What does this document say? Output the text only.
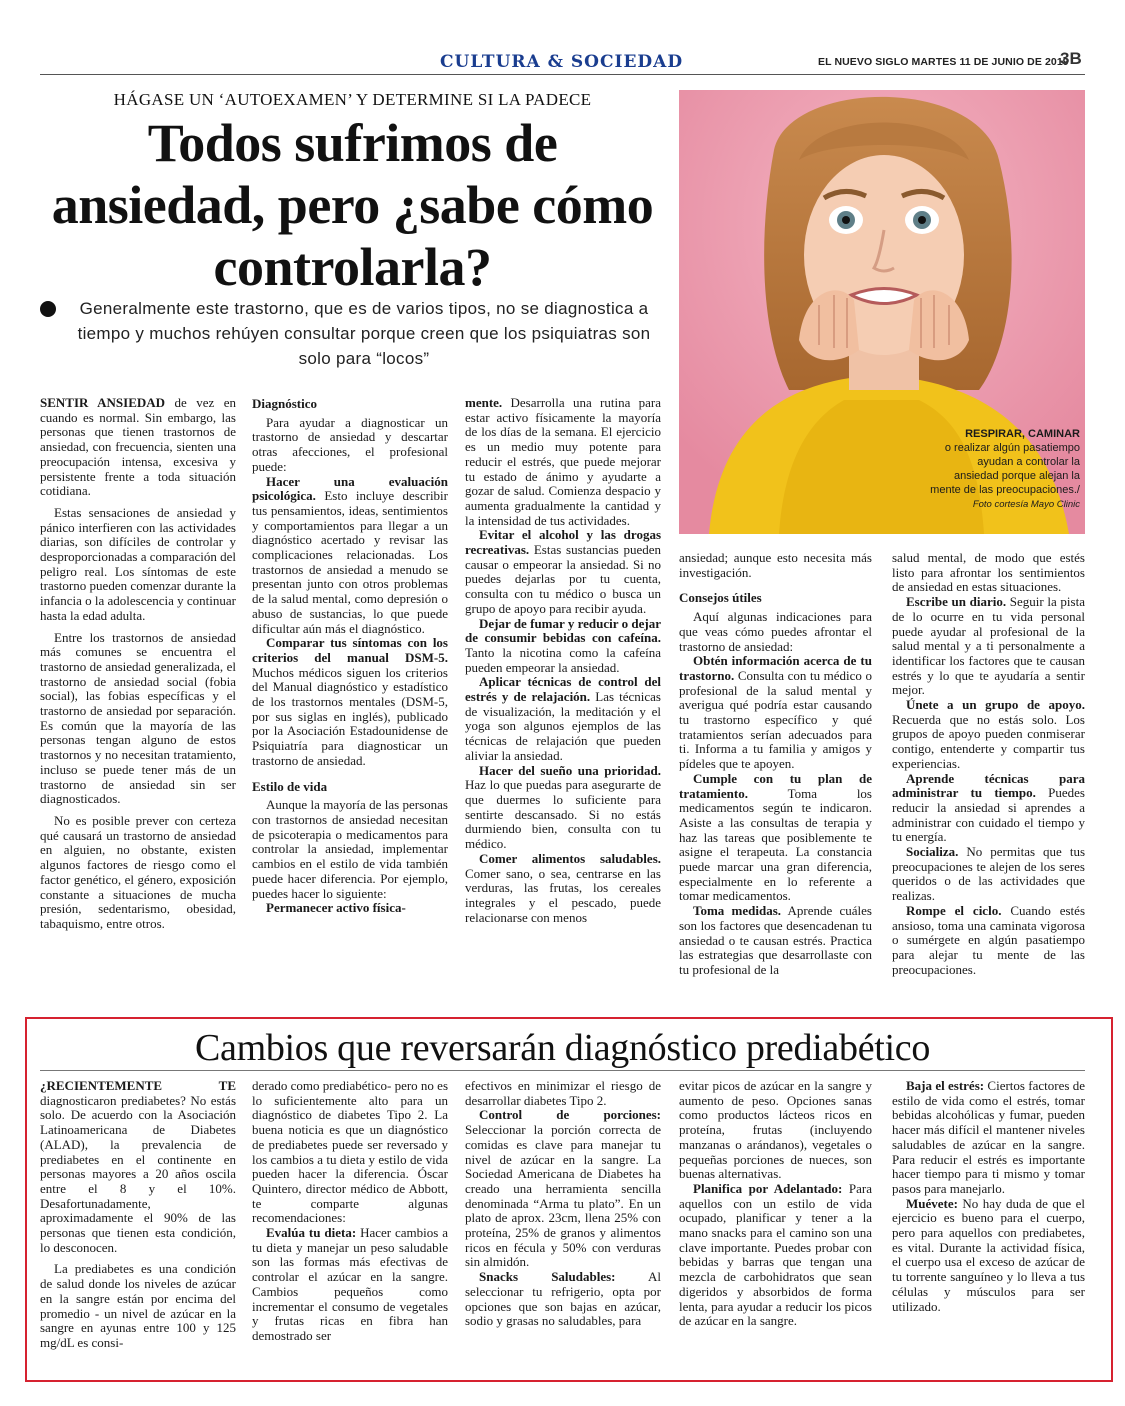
CULTURA & SOCIEDAD	EL NUEVO SIGLO MARTES 11 DE JUNIO DE 2019
3B
HÁGASE UN ‘AUTOEXAMEN’ Y DETERMINE SI LA PADECE
Todos sufrimos de ansiedad, pero ¿sabe cómo controlarla?
Generalmente este trastorno, que es de varios tipos, no se diagnostica a tiempo y muchos rehúyen consultar porque creen que los psiquiatras son solo para “locos”
RESPIRAR, CAMINAR
o realizar algún pasatiempo ayudan a controlar la ansiedad porque alejan la mente de las preocupaciones./
Foto cortesía Mayo Clinic

SENTIR ANSIEDAD de vez en cuando es normal. Sin embargo, las personas que tienen trastornos de ansiedad, con frecuencia, sienten una preocupación intensa, excesiva y persistente frente a toda situación cotidiana.

Estas sensaciones de ansiedad y pánico interfieren con las actividades diarias, son difíciles de controlar y desproporcionadas a comparación del peligro real. Los síntomas de este trastorno pueden comenzar durante la infancia o la adolescencia y continuar hasta la edad adulta.

Entre los trastornos de ansiedad más comunes se encuentra el trastorno de ansiedad generalizada, el trastorno de ansiedad social (fobia social), las fobias específicas y el trastorno de ansiedad por separación. Es común que la mayoría de las personas tengan alguno de estos trastornos y no necesitan tratamiento, incluso se puede tener más de un trastorno de ansiedad sin ser diagnosticados.

No es posible prever con certeza qué causará un trastorno de ansiedad en alguien, no obstante, existen algunos factores de riesgo como el factor genético, el género, exposición constante a situaciones de mucha presión, sedentarismo, obesidad, tabaquismo, entre otros.

Diagnóstico

Para ayudar a diagnosticar un trastorno de ansiedad y descartar otras afecciones, el profesional puede:

Hacer una evaluación psicológica. Esto incluye describir tus pensamientos, ideas, sentimientos y comportamientos para llegar a un diagnóstico acertado y revisar las complicaciones relacionadas. Los trastornos de ansiedad a menudo se presentan junto con otros problemas de la salud mental, como depresión o abuso de sustancias, lo que puede dificultar aún más el diagnóstico.

Comparar tus síntomas con los criterios del manual DSM-5. Muchos médicos siguen los criterios del Manual diagnóstico y estadístico de los trastornos mentales (DSM-5, por sus siglas en inglés), publicado por la Asociación Estadounidense de Psiquiatría para diagnosticar un trastorno de ansiedad.

Estilo de vida

Aunque la mayoría de las personas con trastornos de ansiedad necesitan de psicoterapia o medicamentos para controlar la ansiedad, implementar cambios en el estilo de vida también puede hacer diferencia. Por ejemplo, puedes hacer lo siguiente:

Permanecer activo física-

mente. Desarrolla una rutina para estar activo físicamente la mayoría de los días de la semana. El ejercicio es un medio muy potente para reducir el estrés, que puede mejorar tu estado de ánimo y ayudarte a gozar de salud. Comienza despacio y aumenta gradualmente la cantidad y la intensidad de tus actividades.

Evitar el alcohol y las drogas recreativas. Estas sustancias pueden causar o empeorar la ansiedad. Si no puedes dejarlas por tu cuenta, consulta con tu médico o busca un grupo de apoyo para recibir ayuda.

Dejar de fumar y reducir o dejar de consumir bebidas con cafeína. Tanto la nicotina como la cafeína pueden empeorar la ansiedad.

Aplicar técnicas de control del estrés y de relajación. Las técnicas de visualización, la meditación y el yoga son algunos ejemplos de las técnicas de relajación que pueden aliviar la ansiedad.

Hacer del sueño una prioridad. Haz lo que puedas para asegurarte de que duermes lo suficiente para sentirte descansado. Si no estás durmiendo bien, consulta con tu médico.

Comer alimentos saludables. Comer sano, o sea, centrarse en las verduras, las frutas, los cereales integrales y el pescado, puede relacionarse con menos

ansiedad; aunque esto necesita más investigación.

Consejos útiles

Aquí algunas indicaciones para que veas cómo puedes afrontar el trastorno de ansiedad:

Obtén información acerca de tu trastorno. Consulta con tu médico o profesional de la salud mental y averigua qué podría estar causando tu trastorno específico y qué tratamientos serían adecuados para ti. Informa a tu familia y amigos y pídeles que te apoyen.

Cumple con tu plan de tratamiento.	Toma los medicamentos según te indicaron. Asiste a las consultas de terapia y haz las tareas que posiblemente te asigne el terapeuta. La constancia puede marcar una gran diferencia, especialmente en lo referente a tomar medicamentos.

Toma medidas. Aprende cuáles son los factores que desencadenan tu ansiedad o te causan estrés. Practica las estrategias que desarrollaste con tu profesional de la

salud mental, de modo que estés listo para afrontar los sentimientos de ansiedad en estas situaciones.

Escribe un diario. Seguir la pista de lo ocurre en tu vida personal puede ayudar al profesional de la salud mental y a ti personalmente a identificar los factores que te causan estrés y lo que te ayudaría a sentir mejor.

Únete a un grupo de apoyo. Recuerda que no estás solo. Los grupos de apoyo pueden conmiserar contigo, entenderte y compartir tus experiencias.

Aprende técnicas para administrar tu tiempo. Puedes reducir la ansiedad si aprendes a administrar con cuidado el tiempo y tu energía.

Socializa. No permitas que tus preocupaciones te alejen de los seres queridos o de las actividades que realizas.

Rompe el ciclo. Cuando estés ansioso, toma una caminata vigorosa o sumérgete en algún pasatiempo para alejar tu mente de las preocupaciones.

Cambios que reversarán diagnóstico prediabético

¿RECIENTEMENTE TE diagnosticaron prediabetes? No estás solo. De acuerdo con la Asociación Latinoamericana de Diabetes (ALAD), la prevalencia de prediabetes en el continente en personas mayores a 20 años oscila entre el 8 y el 10%. Desafortunadamente, aproximadamente el 90% de las personas que tienen esta condición, lo desconocen.

La prediabetes es una condición de salud donde los niveles de azúcar en la sangre están por encima del promedio - un nivel de azúcar en la sangre en ayunas entre 100 y 125 mg/dL es consi-

derado como prediabético- pero no es lo suficientemente alto para un diagnóstico de diabetes Tipo 2. La buena noticia es que un diagnóstico de prediabetes puede ser reversado y los cambios a tu dieta y estilo de vida pueden hacer la diferencia. Óscar Quintero, director médico de Abbott, te comparte algunas recomendaciones:

Evalúa tu dieta: Hacer cambios a tu dieta y manejar un peso saludable son las formas más efectivas de controlar el azúcar en la sangre. Cambios pequeños como incrementar el consumo de vegetales y frutas ricas en fibra han demostrado ser

efectivos en minimizar el riesgo de desarrollar diabetes Tipo 2.

Control de porciones: Seleccionar la porción correcta de comidas es clave para manejar tu nivel de azúcar en la sangre. La Sociedad Americana de Diabetes ha creado una herramienta sencilla denominada “Arma tu plato”. En un plato de aprox. 23cm, llena 25% con proteína, 25% de granos y alimentos ricos en fécula y 50% con verduras sin almidón.

Snacks Saludables: Al seleccionar tu refrigerio, opta por opciones que son bajas en azúcar, sodio y grasas no saludables, para

evitar picos de azúcar en la sangre y aumento de peso. Opciones sanas como productos lácteos ricos en proteína, frutas (incluyendo manzanas o arándanos), vegetales o pequeñas porciones de nueces, son buenas alternativas.

Planifica por Adelantado: Para aquellos con un estilo de vida ocupado, planificar y tener a la mano snacks para el camino son una clave importante. Puedes probar con bebidas y barras que tengan una mezcla de carbohidratos que sean digeridos y absorbidos de forma lenta, para ayudar a reducir los picos de azúcar en la sangre.

Baja el estrés: Ciertos factores de estilo de vida como el estrés, tomar bebidas alcohólicas y fumar, pueden hacer más difícil el mantener niveles saludables de azúcar en la sangre. Para reducir el estrés es importante hacer tiempo para ti mismo y tomar pasos para manejarlo.

Muévete: No hay duda de que el ejercicio es bueno para el cuerpo, pero para aquellos con prediabetes, es vital. Durante la actividad física, el cuerpo usa el exceso de azúcar de tu torrente sanguíneo y lo lleva a tus células y músculos para ser utilizado.
